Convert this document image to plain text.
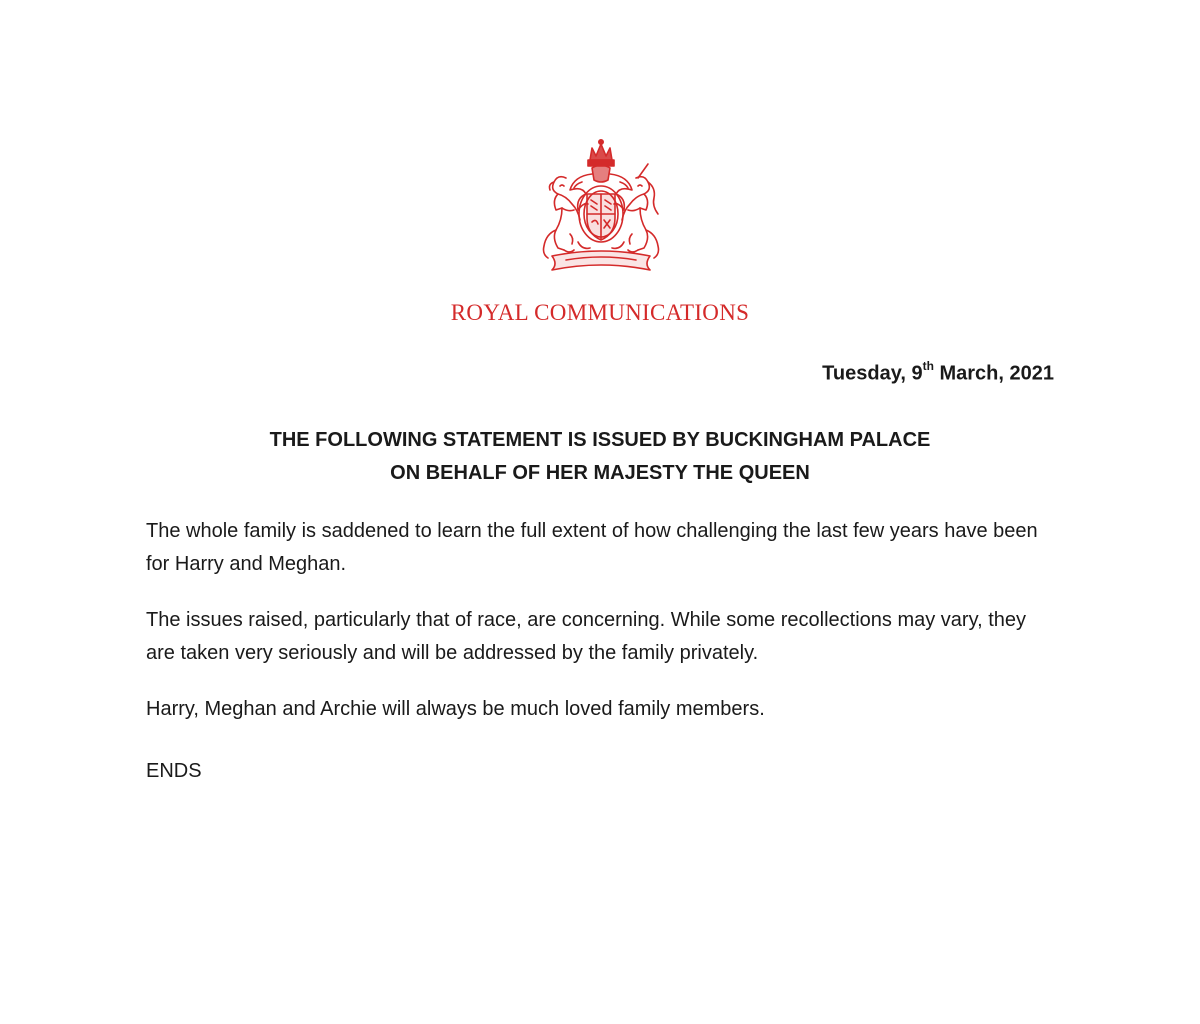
ROYAL COMMUNICATIONS
Tuesday, 9th March, 2021
THE FOLLOWING STATEMENT IS ISSUED BY BUCKINGHAM PALACE
ON BEHALF OF HER MAJESTY THE QUEEN

The whole family is saddened to learn the full extent of how challenging the last few years have been for Harry and Meghan.

The issues raised, particularly that of race, are concerning. While some recollections may vary, they are taken very seriously and will be addressed by the family privately.

Harry, Meghan and Archie will always be much loved family members.

ENDS
